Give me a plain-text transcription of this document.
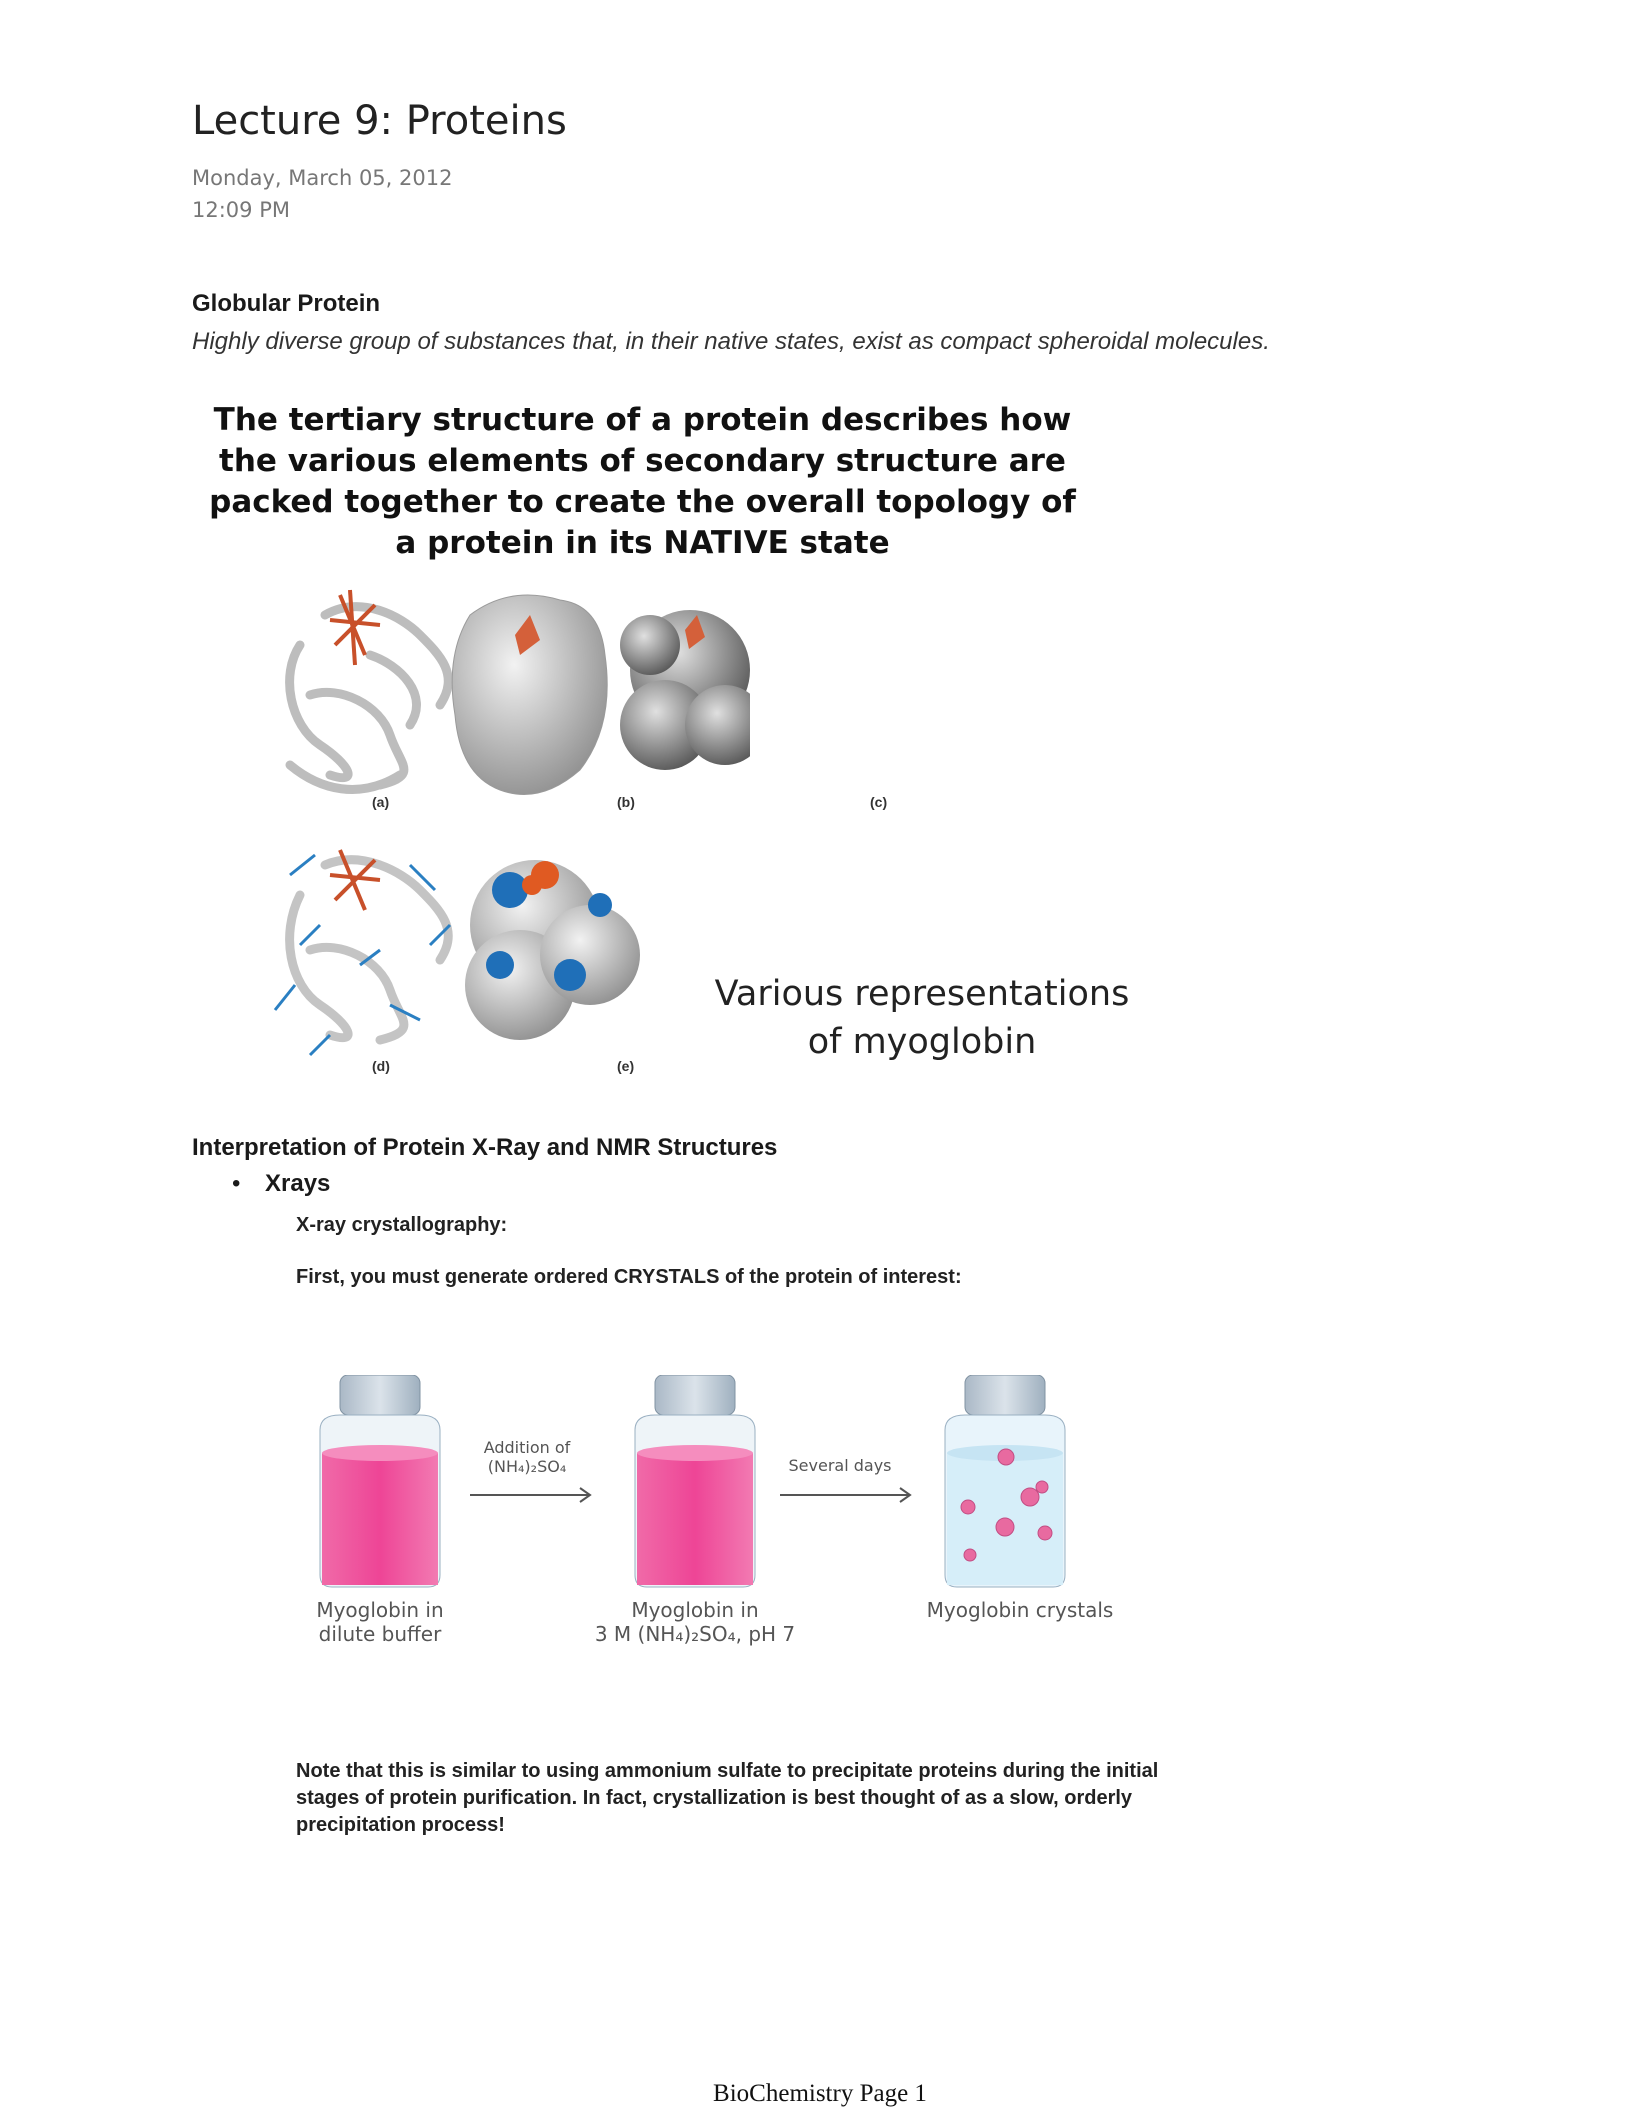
Lecture 9: Proteins
Monday, March 05, 2012
12:09 PM
Globular Protein
Highly diverse group of substances that, in their native states, exist as compact spheroidal molecules.
The tertiary structure of a protein describes how the various elements of secondary structure are packed together to create the overall topology of a protein in its NATIVE state
(a)	(b)	(c)
(d)	(e)
Various representations
of myoglobin
Interpretation of Protein X-Ray and NMR Structures
• Xrays
X-ray crystallography:
First, you must generate ordered CRYSTALS of the protein of interest:
Addition of
(NH₄)₂SO₄	Several days
Myoglobin in
dilute buffer
Myoglobin in
3 M (NH₄)₂SO₄, pH 7
Myoglobin crystals
Note that this is similar to using ammonium sulfate to precipitate proteins during the initial stages of protein purification. In fact, crystallization is best thought of as a slow, orderly precipitation process!
BioChemistry Page 1
